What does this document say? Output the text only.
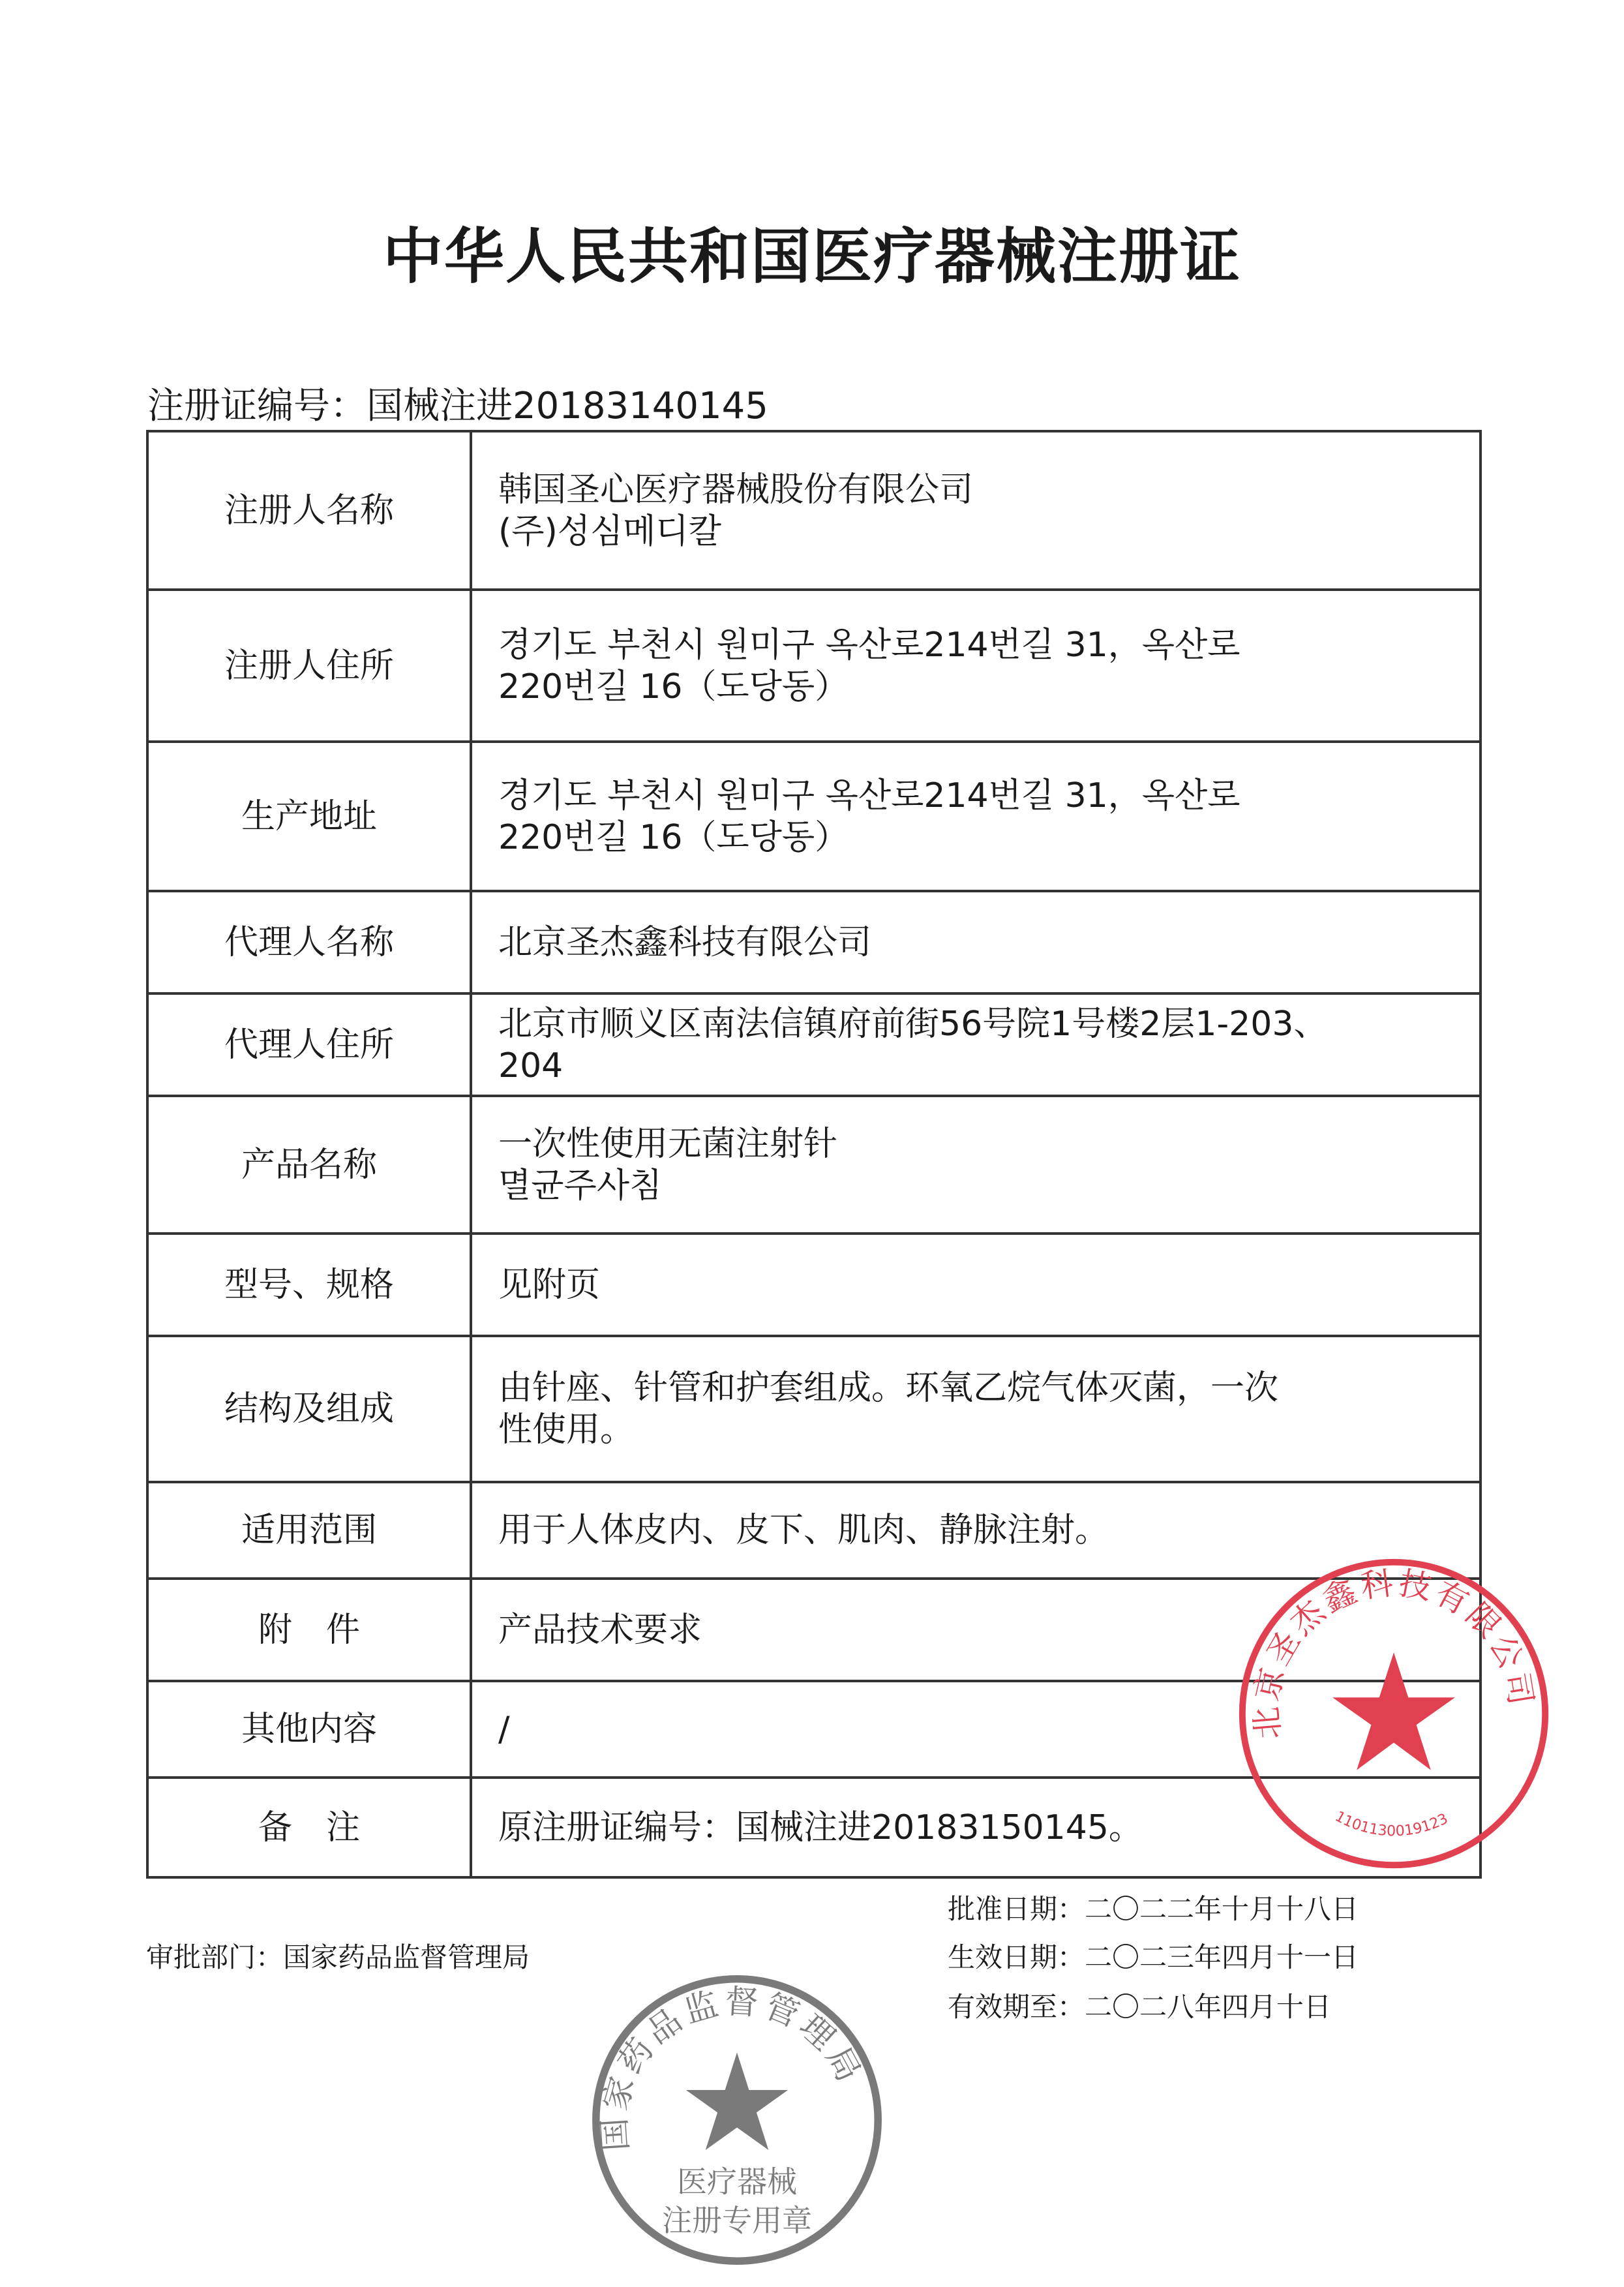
中华人民共和国医疗器械注册证
注册证编号：国械注进20183140145
注册人名称	韩国圣心医疗器械股份有限公司
(주)성심메디칼

注册人住所	경기도 부천시 원미구 옥산로214번길 31，옥산로
220번길 16（도당동）

生产地址	경기도 부천시 원미구 옥산로214번길 31，옥산로
220번길 16（도당동）

代理人名称	北京圣杰鑫科技有限公司

代理人住所	北京市顺义区南法信镇府前街56号院1号楼2层1-203、
204

产品名称	一次性使用无菌注射针
멸균주사침

型号、规格	见附页

结构及组成	由针座、针管和护套组成。环氧乙烷气体灭菌，一次
性使用。

适用范围	用于人体皮内、皮下、肌肉、静脉注射。

附　件	产品技术要求

其他内容	/

备　注	原注册证编号：国械注进20183150145。
审批部门：国家药品监督管理局
批准日期：二〇二二年十月十八日
生效日期：二〇二三年四月十一日
有效期至：二〇二八年四月十日
北京圣杰鑫科技有限公司
1101130019123
国家药品监督管理局
医疗器械
注册专用章
